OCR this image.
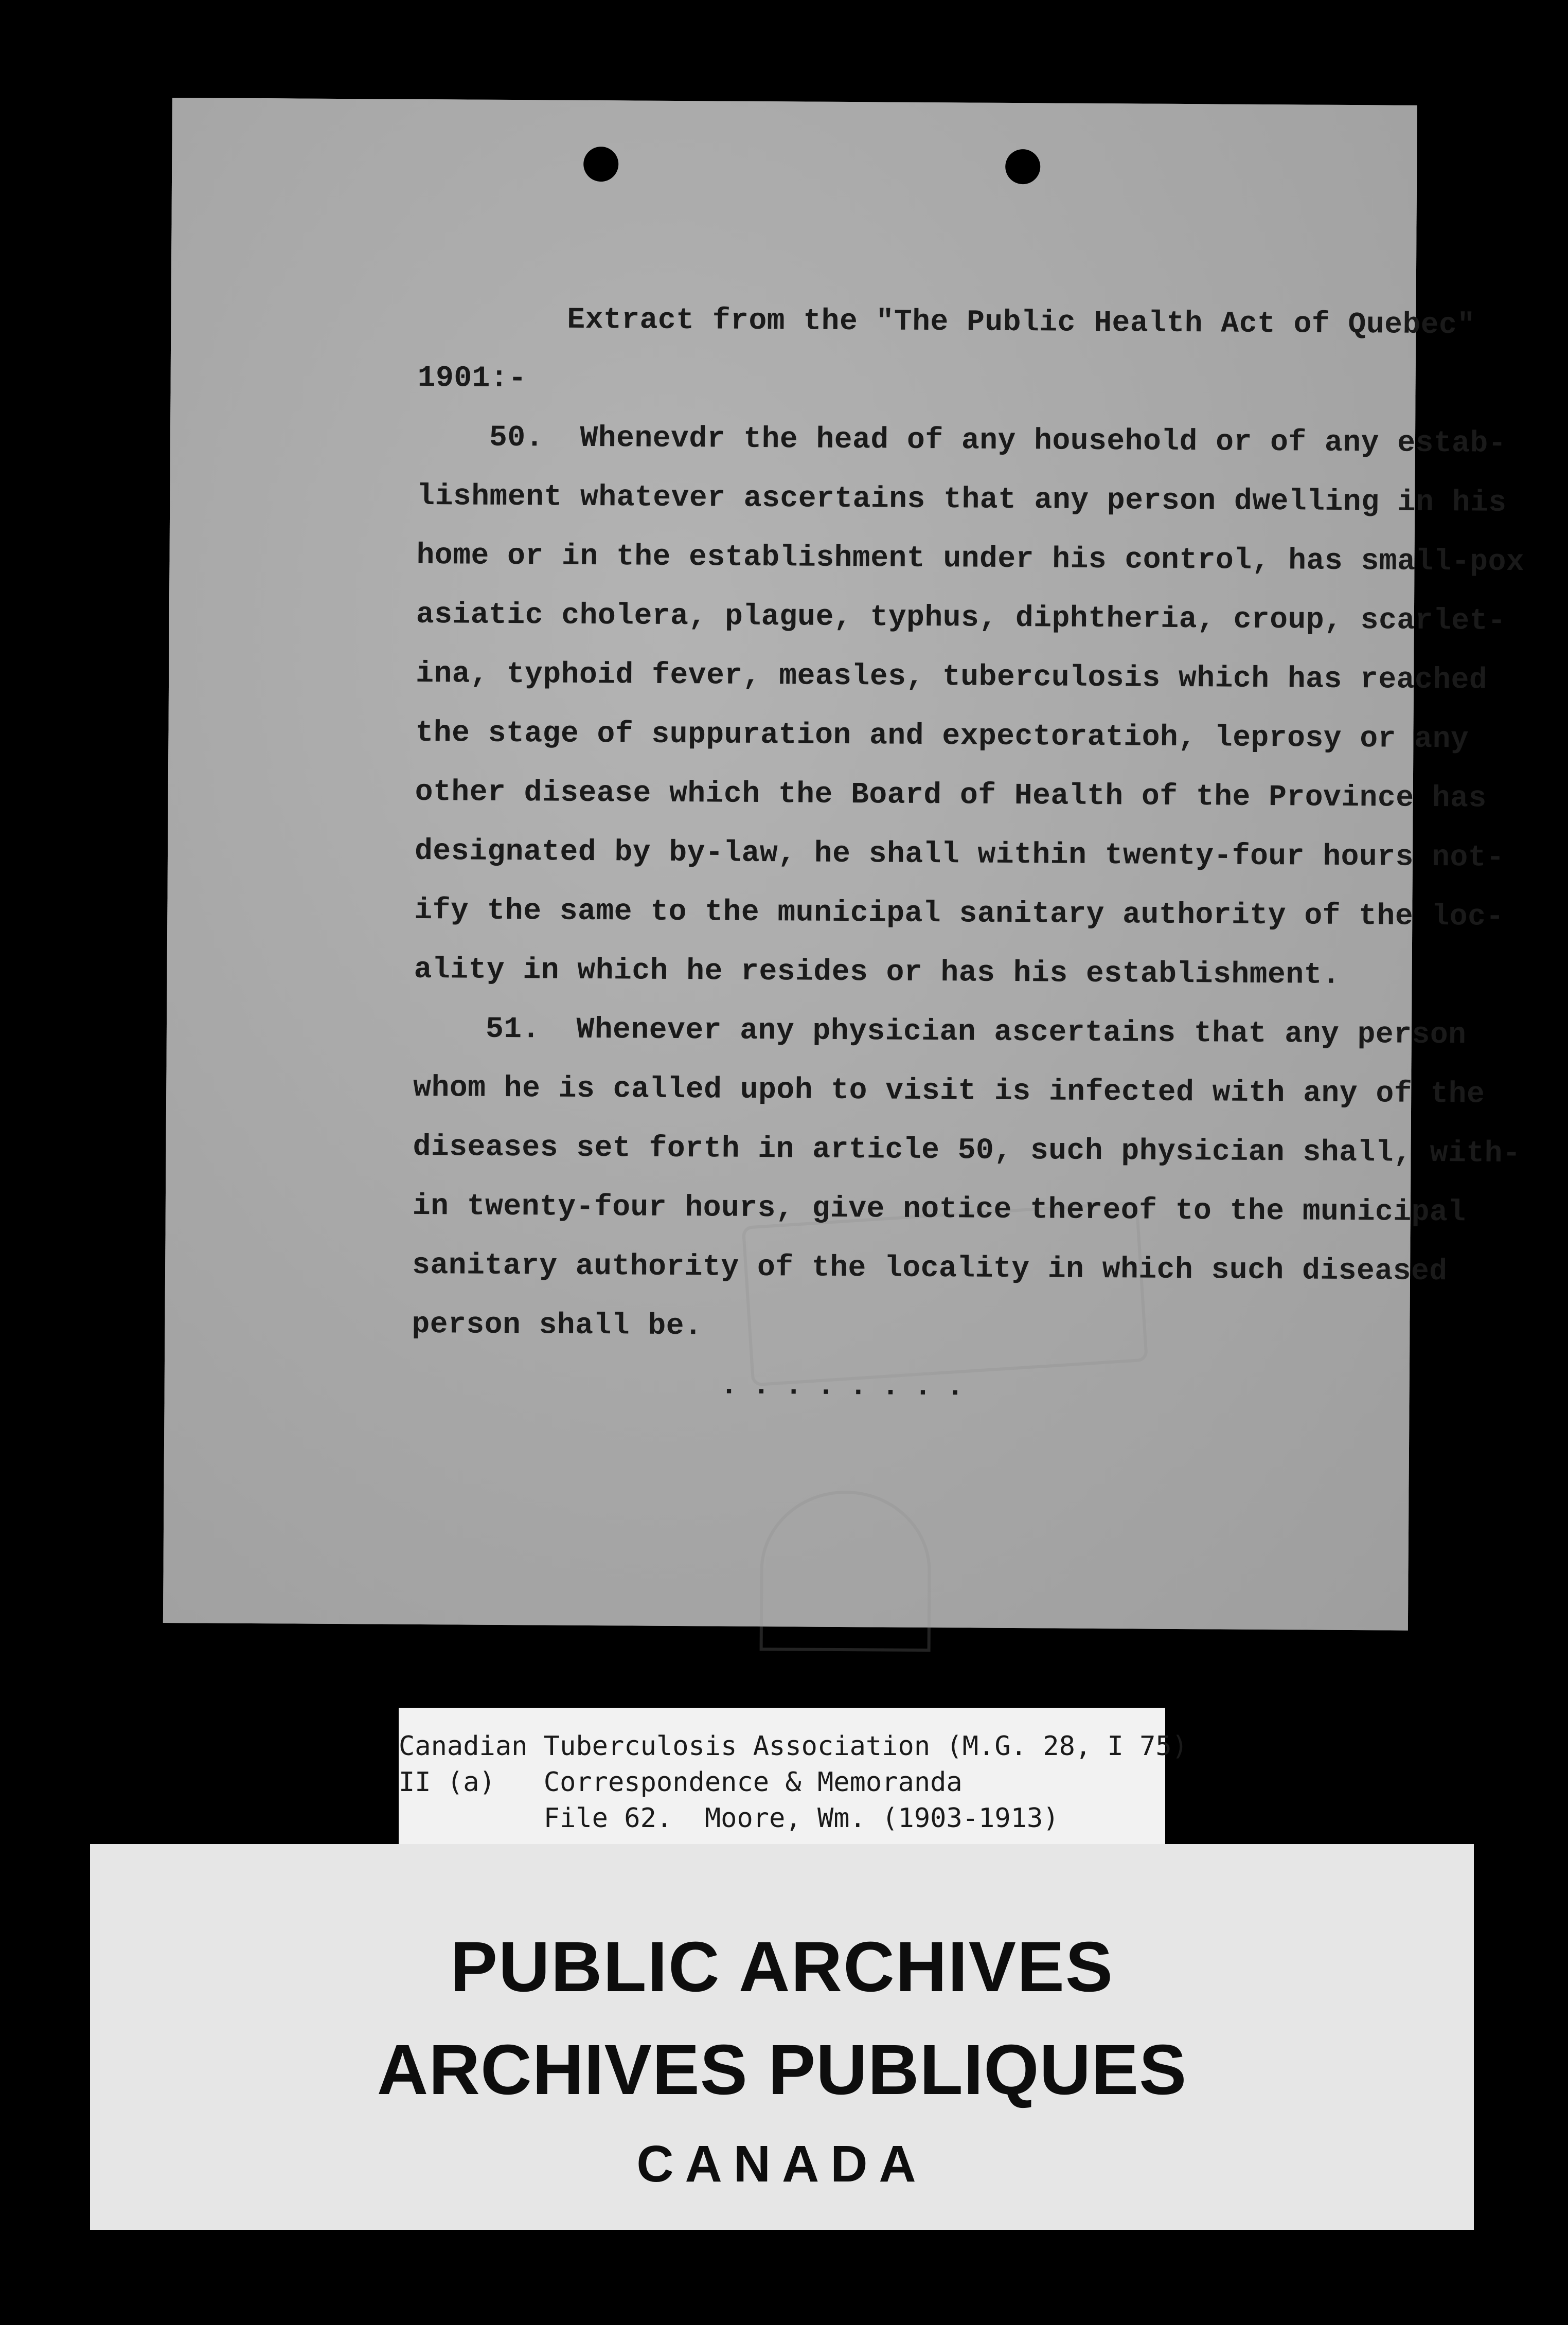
Extract from the "The Public Health Act of Quebec"
1901:-
50.  Whenevdr the head of any household or of any estab-
lishment whatever ascertains that any person dwelling in his
home or in the establishment under his control, has small-pox
asiatic cholera, plague, typhus, diphtheria, croup, scarlet-
ina, typhoid fever, measles, tuberculosis which has reached
the stage of suppuration and expectoratioh, leprosy or any
other disease which the Board of Health of the Province has
designated by by-law, he shall within twenty-four hours not-
ify the same to the municipal sanitary authority of the loc-
ality in which he resides or has his establishment.
51.  Whenever any physician ascertains that any person
whom he is called upoh to visit is infected with any of the
diseases set forth in article 50, such physician shall, with-
in twenty-four hours, give notice thereof to the municipal
sanitary authority of the locality in which such diseased
person shall be.
........
Canadian Tuberculosis Association (M.G. 28, I 75)
II (a)   Correspondence & Memoranda
File 62.  Moore, Wm. (1903-1913)
PUBLIC ARCHIVES
ARCHIVES PUBLIQUES
CANADA
